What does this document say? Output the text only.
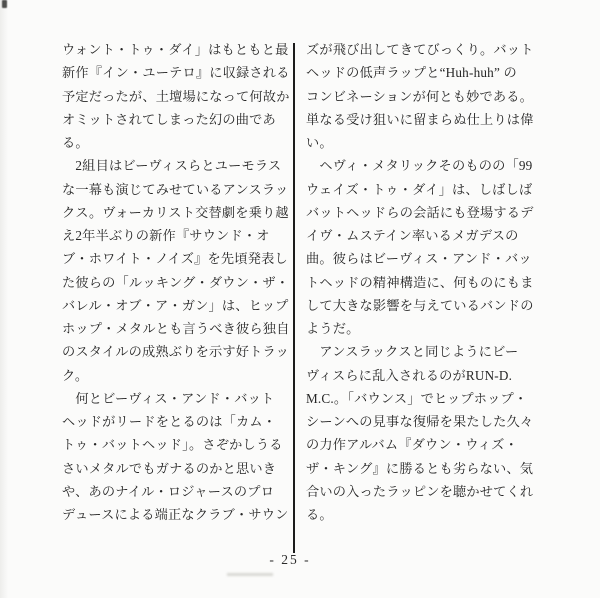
ウォント・トゥ・ダイ」はもともと最
新作『イン・ユーテロ』に収録される
予定だったが、土壇場になって何故か
オミットされてしまった幻の曲であ
る。
　2組目はビーヴィスらとユーモラス
な一幕も演じてみせているアンスラッ
クス。ヴォーカリスト交替劇を乗り越
え2年半ぶりの新作『サウンド・オ
ブ・ホワイト・ノイズ』を先頃発表し
た彼らの「ルッキング・ダウン・ザ・
バレル・オブ・ア・ガン」は、ヒップ
ホップ・メタルとも言うべき彼ら独自
のスタイルの成熟ぶりを示す好トラッ
ク。
　何とビーヴィス・アンド・バット
ヘッドがリードをとるのは「カム・
トゥ・バットヘッド」。さぞかしうる
さいメタルでもガナるのかと思いき
や、あのナイル・ロジャースのプロ
デュースによる端正なクラブ・サウン
ズが飛び出してきてびっくり。バット
ヘッドの低声ラップと“Huh-huh” の
コンビネーションが何とも妙である。
単なる受け狙いに留まらぬ仕上りは偉
い。
　ヘヴィ・メタリックそのものの「99
ウェイズ・トゥ・ダイ」は、しばしば
バットヘッドらの会話にも登場するデ
イヴ・ムステイン率いるメガデスの
曲。彼らはビーヴィス・アンド・バッ
トヘッドの精神構造に、何ものにもま
して大きな影響を与えているバンドの
ようだ。
　アンスラックスと同じようにビー
ヴィスらに乱入されるのがRUN-D.
M.C.。「バウンス」でヒップホップ・
シーンへの見事な復帰を果たした久々
の力作アルバム『ダウン・ウィズ・
ザ・キング』に勝るとも劣らない、気
合いの入ったラッピンを聴かせてくれ
る。
- 25 -
